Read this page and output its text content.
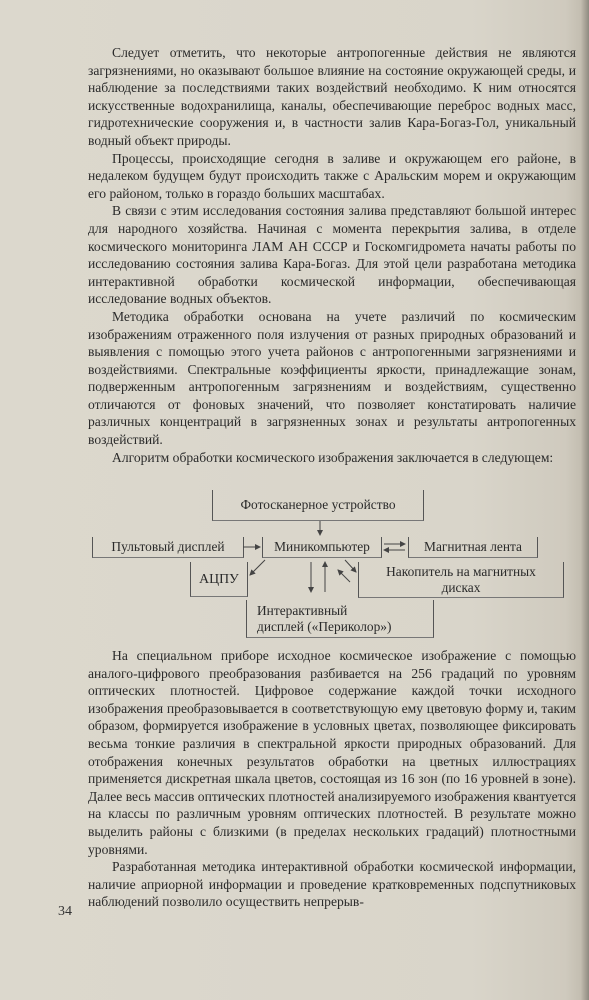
Следует отметить, что некоторые антропогенные действия не являются загрязнениями, но оказывают большое влияние на состояние окружающей среды, и наблюдение за последствиями таких воздействий необходимо. К ним относятся искусственные водохранилища, каналы, обеспечивающие переброс водных масс, гидротехнические сооружения и, в частности залив Кара-Богаз-Гол, уникальный водный объект природы.

Процессы, происходящие сегодня в заливе и окружающем его районе, в недалеком будущем будут происходить также с Аральским морем и окружающим его районом, только в гораздо больших масштабах.

В связи с этим исследования состояния залива представляют большой интерес для народного хозяйства. Начиная с момента перекрытия залива, в отделе космического мониторинга ЛАМ АН СССР и Госкомгидромета начаты работы по исследованию состояния залива Кара-Богаз. Для этой цели разработана методика интерактивной обработки космической информации, обеспечивающая исследование водных объектов.

Методика обработки основана на учете различий по космическим изображениям отраженного поля излучения от разных природных образований и выявления с помощью этого учета районов с антропогенными загрязнениями и воздействиями. Спектральные коэффициенты яркости, принадлежащие зонам, подверженным антропогенным загрязнениям и воздействиям, существенно отличаются от фоновых значений, что позволяет констатировать наличие различных концентраций в загрязненных зонах и результаты антропогенных воздействий.

Алгоритм обработки космического изображения заключается в следующем:

Фотосканерное устройство
Пультовый дисплей	Миникомпьютер	Магнитная лента
АЦПУ	Накопитель на магнитных
дисках
Интерактивный
дисплей («Периколор»)

На специальном приборе исходное космическое изображение с помощью аналого-цифрового преобразования разбивается на 256 градаций по уровням оптических плотностей. Цифровое содержание каждой точки исходного изображения преобразовывается в соответствующую ему цветовую форму и, таким образом, формируется изображение в условных цветах, позволяющее фиксировать весьма тонкие различия в спектральной яркости природных образований. Для отображения конечных результатов обработки на цветных иллюстрациях применяется дискретная шкала цветов, состоящая из 16 зон (по 16 уровней в зоне). Далее весь массив оптических плотностей анализируемого изображения квантуется на классы по различным уровням оптических плотностей. В результате можно выделить районы с близкими (в пределах нескольких градаций) плотностными уровнями.

Разработанная методика интерактивной обработки космической информации, наличие априорной информации и проведение кратковременных подспутниковых наблюдений позволило осуществить непрерыв-

34
